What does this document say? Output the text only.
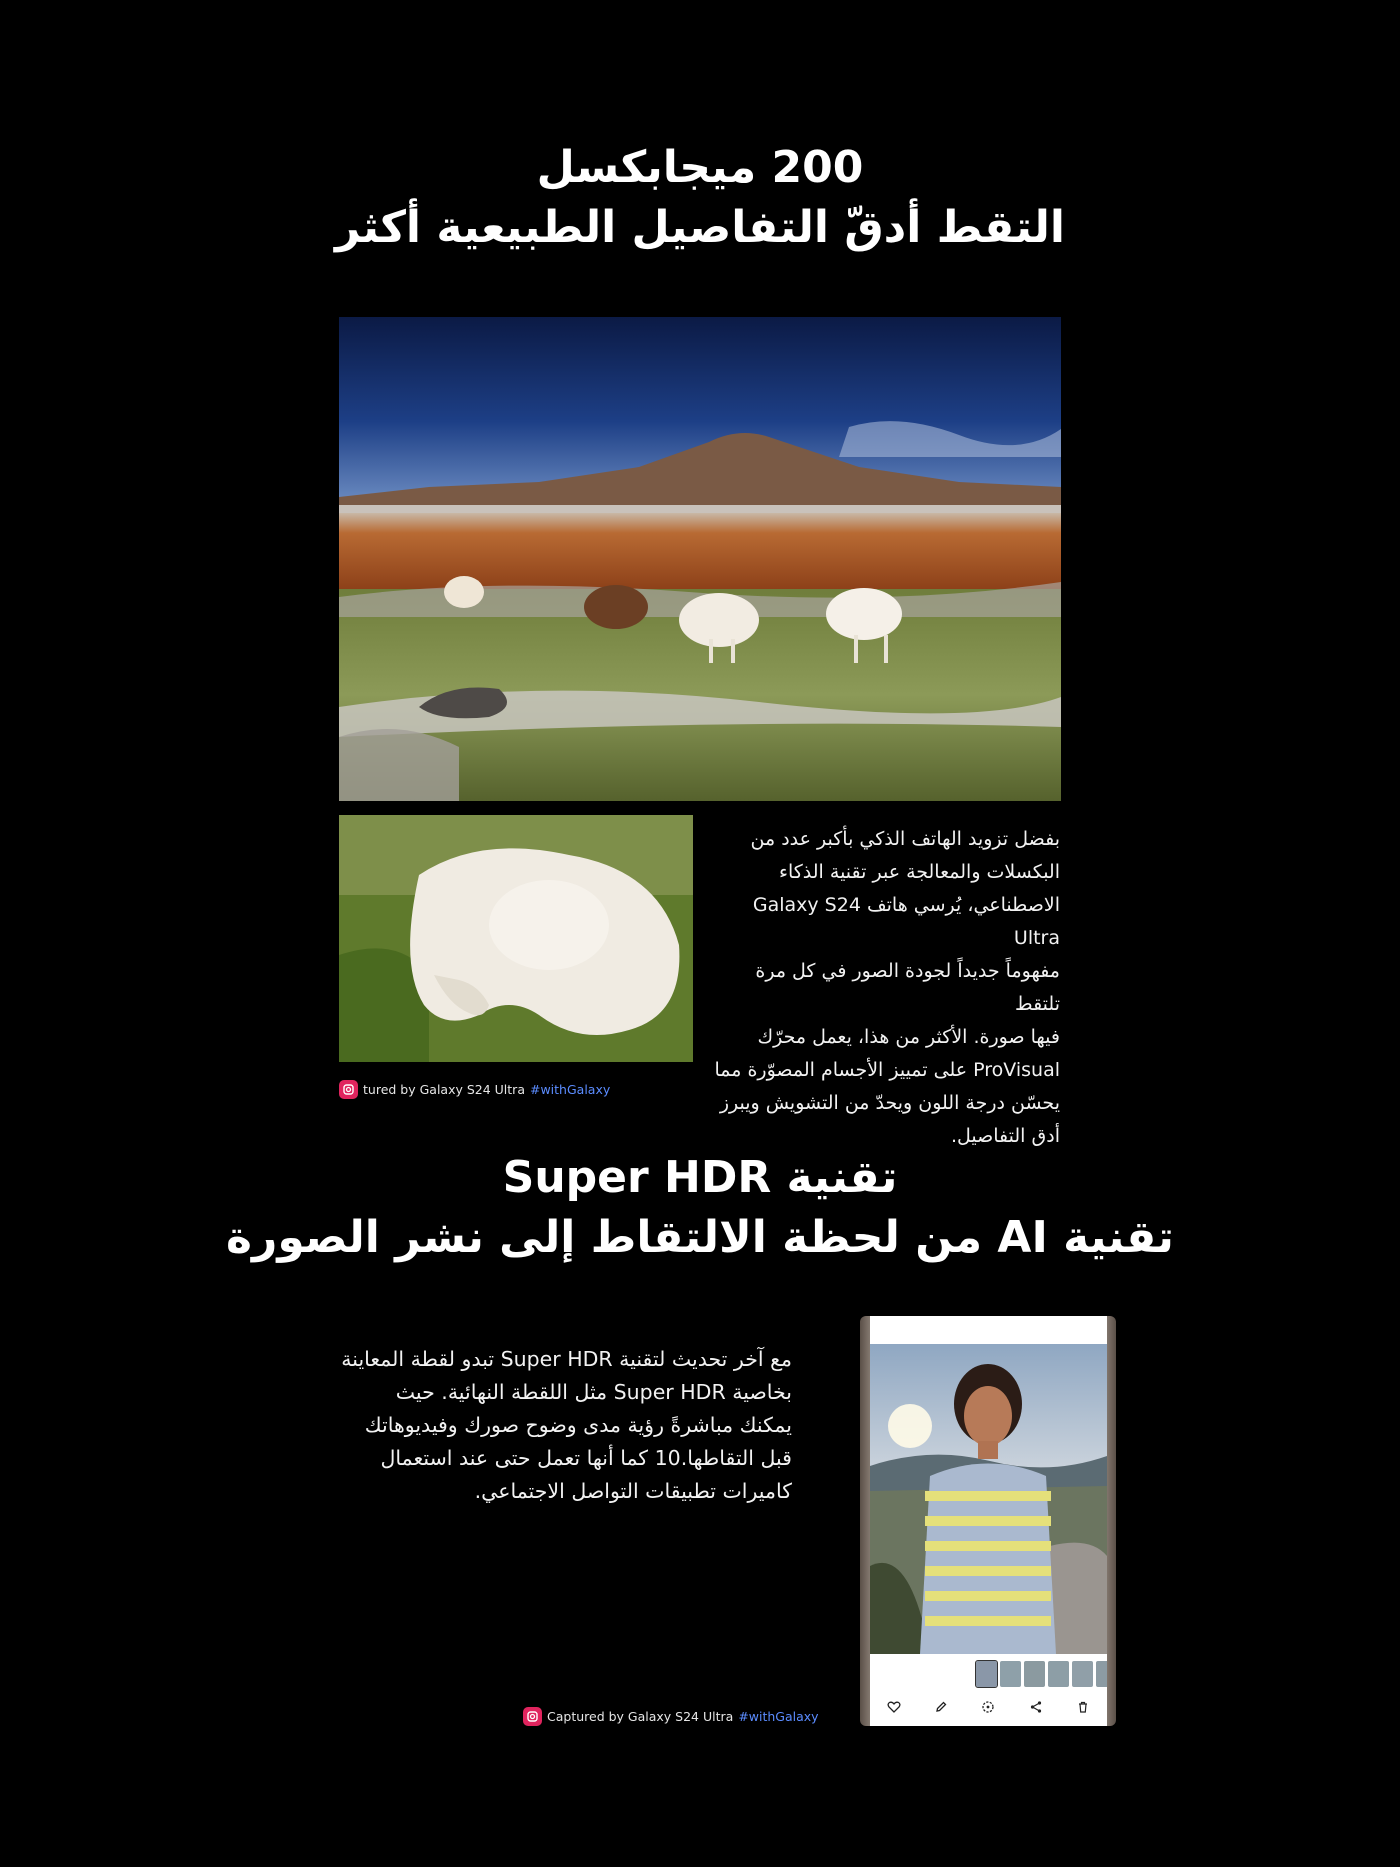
200 ميجابكسل
التقط أدقّ التفاصيل الطبيعية أكثر
بفضل تزويد الهاتف الذكي بأكبر عدد من
البكسلات والمعالجة عبر تقنية الذكاء
الاصطناعي، يُرسي هاتف Galaxy S24 Ultra
مفهوماً جديداً لجودة الصور في كل مرة تلتقط
فيها صورة. الأكثر من هذا، يعمل محرّك
ProVisual على تمييز الأجسام المصوّرة مما
يحسّن درجة اللون ويحدّ من التشويش ويبرز
أدق التفاصيل.
tured by Galaxy S24 Ultra #withGalaxy
تقنية Super HDR
تقنية AI من لحظة الالتقاط إلى نشر الصورة
مع آخر تحديث لتقنية Super HDR تبدو لقطة المعاينة
بخاصية Super HDR مثل اللقطة النهائية. حيث
يمكنك مباشرةً رؤية مدى وضوح صورك وفيديوهاتك
قبل التقاطها.10 كما أنها تعمل حتى عند استعمال
كاميرات تطبيقات التواصل الاجتماعي.
Captured by Galaxy S24 Ultra #withGalaxy
